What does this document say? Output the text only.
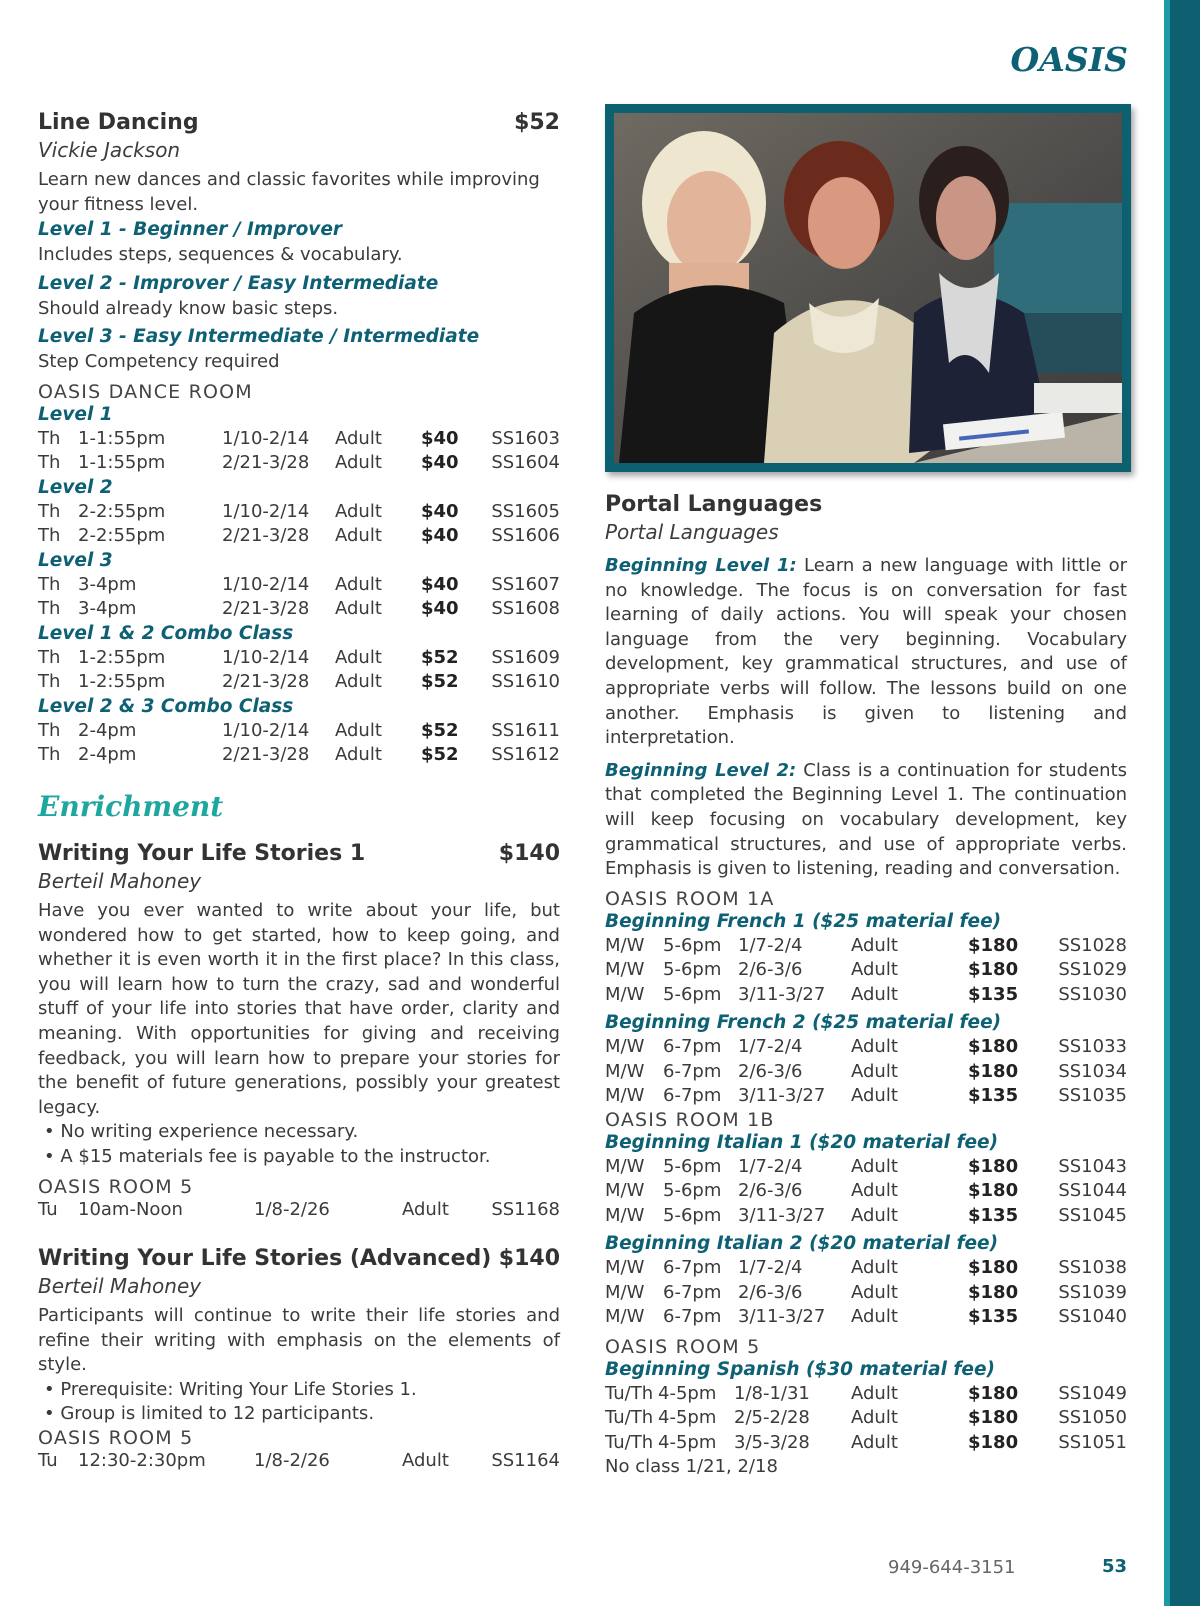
OASIS
Line Dancing	$52
Vickie Jackson
Learn new dances and classic favorites while improving your fitness level.
Level 1 - Beginner / Improver
Includes steps, sequences & vocabulary.
Level 2 - Improver / Easy Intermediate
Should already know basic steps.
Level 3 - Easy Intermediate / Intermediate
Step Competency required
OASIS DANCE ROOM
Level 1
Th 1-1:55pm	1/10-2/14	Adult	$40	SS1603
Th 1-1:55pm	2/21-3/28	Adult	$40	SS1604
Level 2
Th 2-2:55pm	1/10-2/14	Adult	$40	SS1605
Th 2-2:55pm	2/21-3/28	Adult	$40	SS1606
Level 3
Th 3-4pm	1/10-2/14	Adult	$40	SS1607
Th 3-4pm	2/21-3/28	Adult	$40	SS1608
Level 1 & 2 Combo Class
Th 1-2:55pm	1/10-2/14	Adult	$52	SS1609
Th 1-2:55pm	2/21-3/28	Adult	$52	SS1610
Level 2 & 3 Combo Class
Th 2-4pm	1/10-2/14	Adult	$52	SS1611
Th 2-4pm	2/21-3/28	Adult	$52	SS1612
Enrichment
Writing Your Life Stories 1	$140
Berteil Mahoney
Have you ever wanted to write about your life, but wondered how to get started, how to keep going, and whether it is even worth it in the first place? In this class, you will learn how to turn the crazy, sad and wonderful stuff of your life into stories that have order, clarity and meaning. With opportunities for giving and receiving feedback, you will learn how to prepare your stories for the benefit of future generations, possibly your greatest legacy.
• No writing experience necessary.
• A $15 materials fee is payable to the instructor.
OASIS ROOM 5
Tu	10am-Noon	1/8-2/26	Adult	SS1168
Writing Your Life Stories (Advanced) $140
Berteil Mahoney
Participants will continue to write their life stories and refine their writing with emphasis on the elements of style.
• Prerequisite: Writing Your Life Stories 1.
• Group is limited to 12 participants.
OASIS ROOM 5
Tu	12:30-2:30pm	1/8-2/26	Adult	SS1164
Portal Languages
Portal Languages
Beginning Level 1: Learn a new language with little or no knowledge. The focus is on conversation for fast learning of daily actions. You will speak your chosen language from the very beginning. Vocabulary development, key grammatical structures, and use of appropriate verbs will follow. The lessons build on one another. Emphasis is given to listening and interpretation.
Beginning Level 2: Class is a continuation for students that completed the Beginning Level 1. The continuation will keep focusing on vocabulary development, key grammatical structures, and use of appropriate verbs. Emphasis is given to listening, reading and conversation.
OASIS ROOM 1A
Beginning French 1 ($25 material fee)
M/W	5-6pm 1/7-2/4	Adult	$180	SS1028
M/W	5-6pm 2/6-3/6	Adult	$180	SS1029
M/W	5-6pm 3/11-3/27	Adult	$135	SS1030
Beginning French 2 ($25 material fee)
M/W	6-7pm 1/7-2/4	Adult	$180	SS1033
M/W	6-7pm 2/6-3/6	Adult	$180	SS1034
M/W	6-7pm 3/11-3/27	Adult	$135	SS1035
OASIS ROOM 1B
Beginning Italian 1 ($20 material fee)
M/W	5-6pm 1/7-2/4	Adult	$180	SS1043
M/W	5-6pm 2/6-3/6	Adult	$180	SS1044
M/W	5-6pm 3/11-3/27	Adult	$135	SS1045
Beginning Italian 2 ($20 material fee)
M/W	6-7pm 1/7-2/4	Adult	$180	SS1038
M/W	6-7pm 2/6-3/6	Adult	$180	SS1039
M/W	6-7pm 3/11-3/27	Adult	$135	SS1040
OASIS ROOM 5
Beginning Spanish ($30 material fee)
Tu/Th 4-5pm 1/8-1/31	Adult	$180	SS1049
Tu/Th 4-5pm 2/5-2/28	Adult	$180	SS1050
Tu/Th 4-5pm 3/5-3/28	Adult	$180	SS1051
No class 1/21, 2/18
949-644-3151	53
